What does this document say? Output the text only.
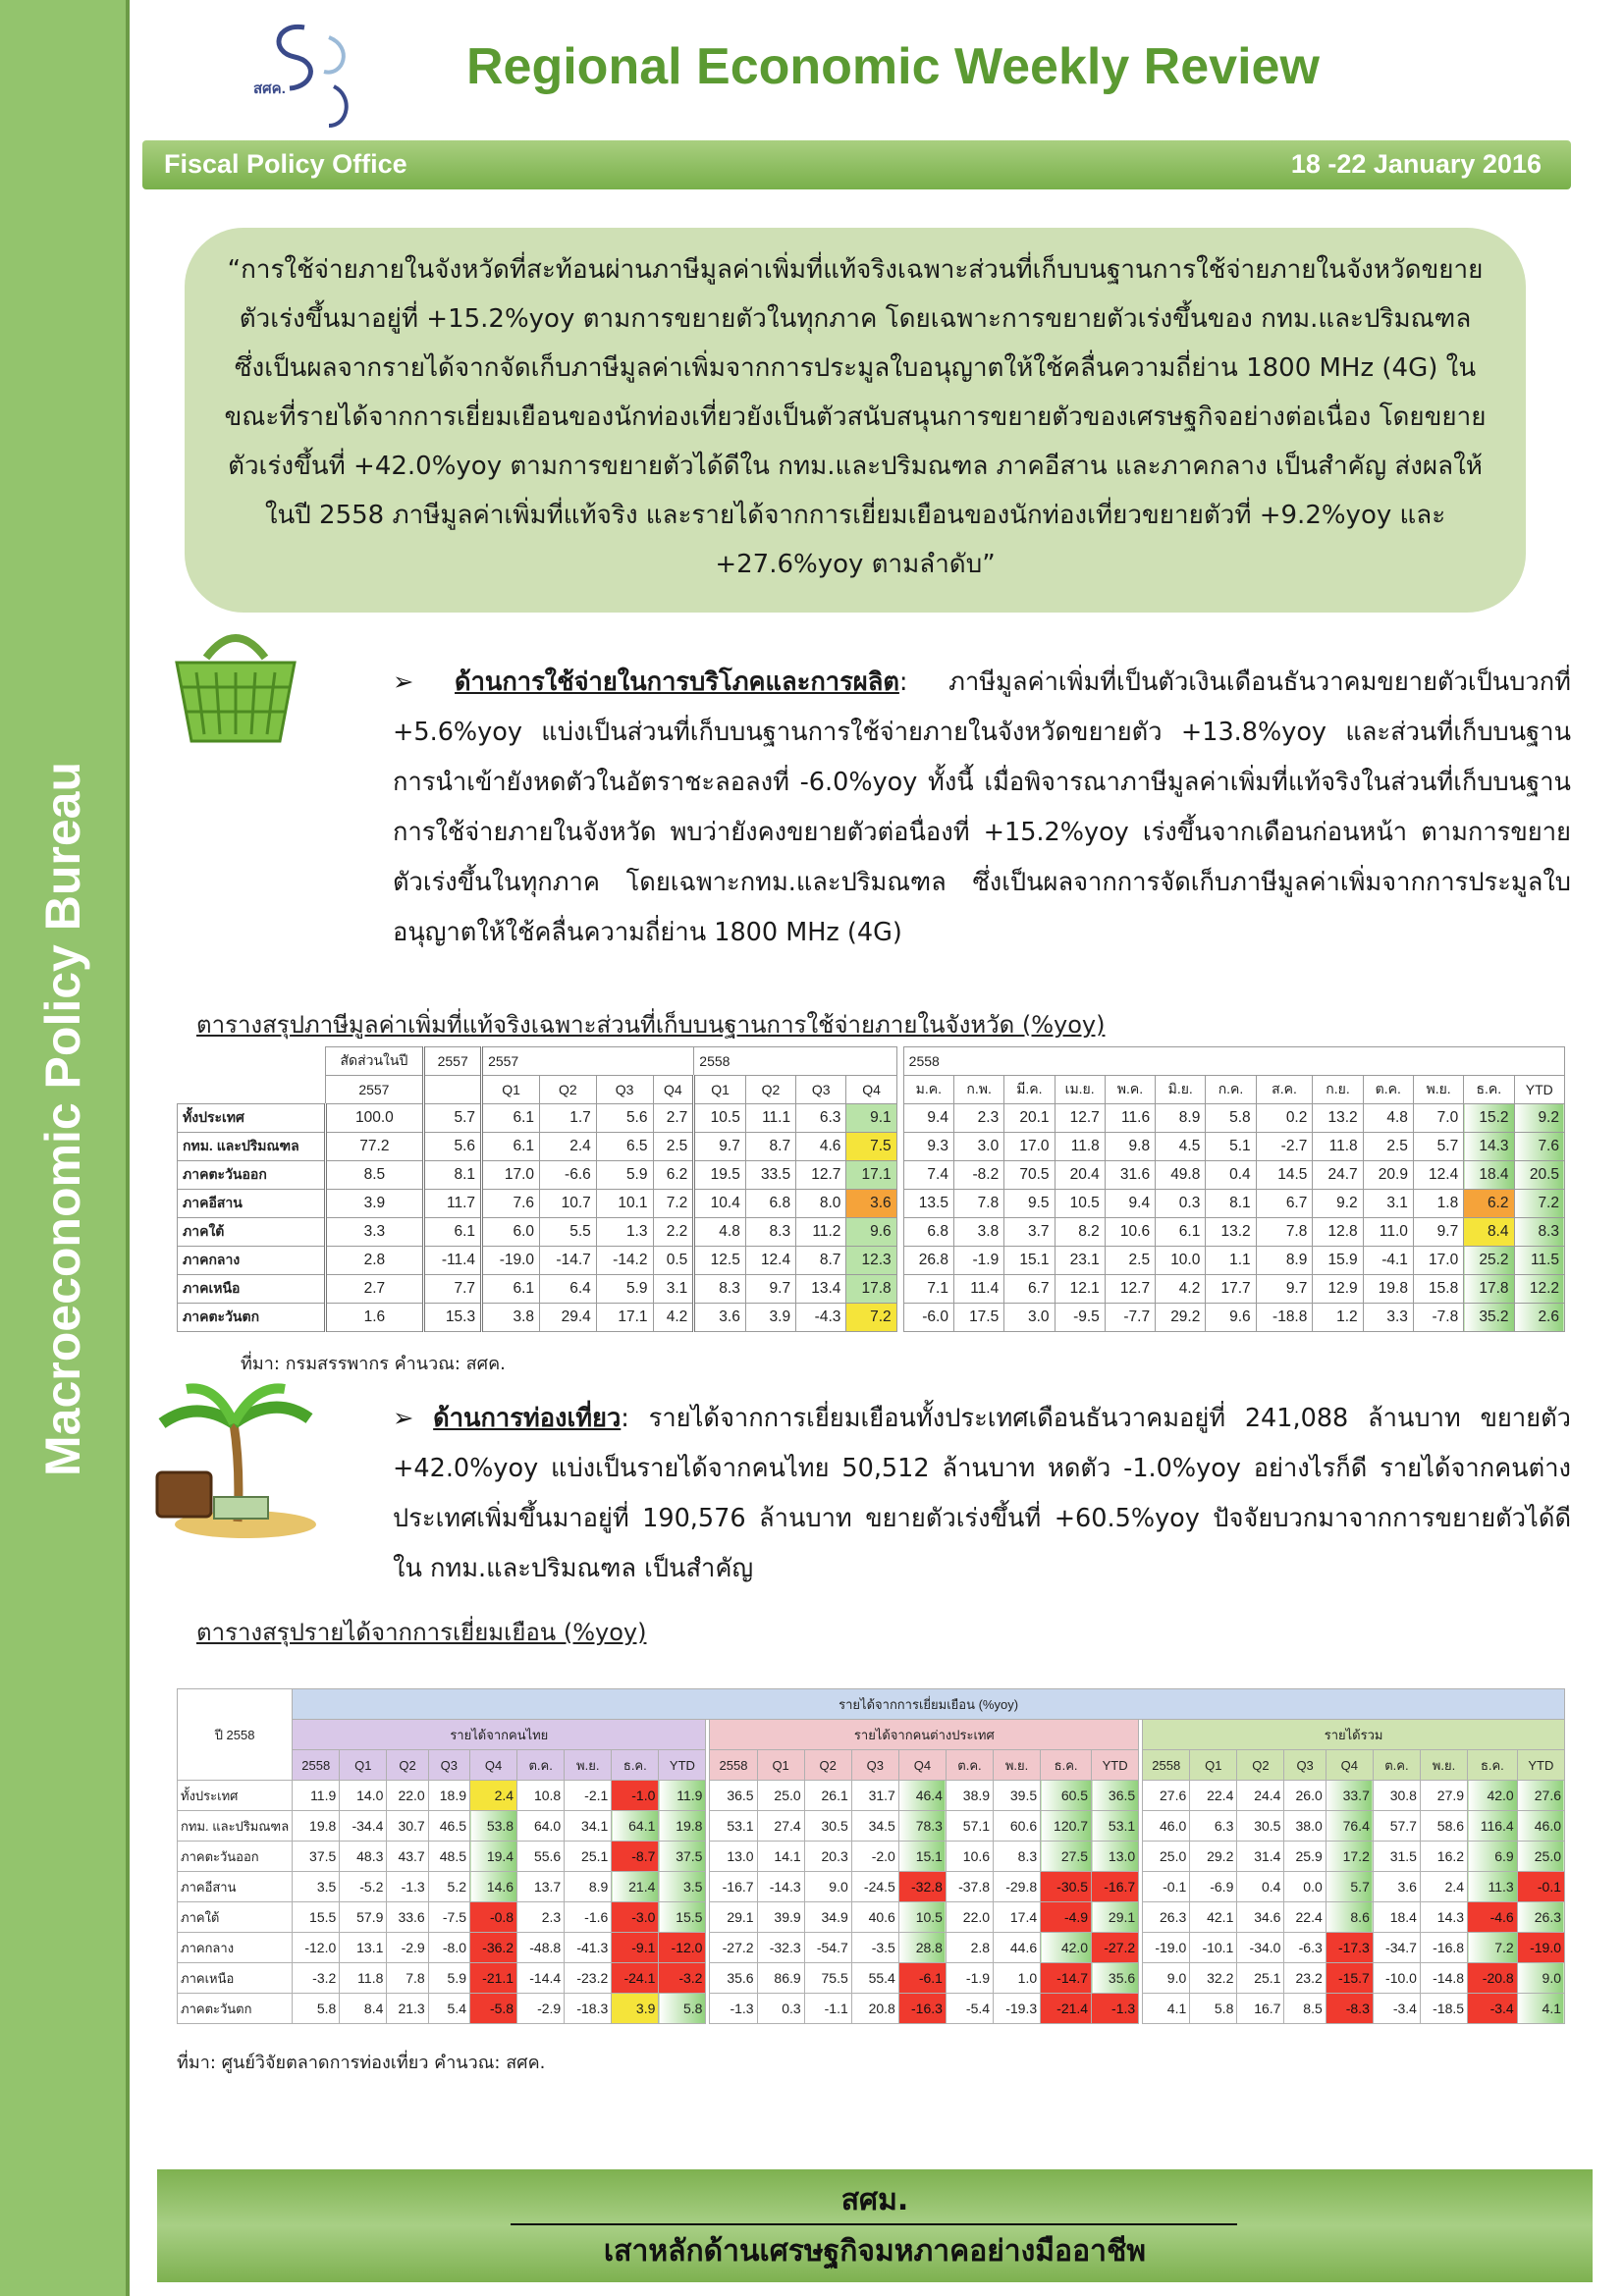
Macroeconomic Policy Bureau
สศค.	Regional Economic Weekly Review
Fiscal Policy Office	18 -22 January 2016
“การใช้จ่ายภายในจังหวัดที่สะท้อนผ่านภาษีมูลค่าเพิ่มที่แท้จริงเฉพาะส่วนที่เก็บบนฐานการใช้จ่ายภายในจังหวัดขยายตัวเร่งขึ้นมาอยู่ที่ +15.2%yoy ตามการขยายตัวในทุกภาค โดยเฉพาะการขยายตัวเร่งขึ้นของ กทม.และปริมณฑล ซึ่งเป็นผลจากรายได้จากจัดเก็บภาษีมูลค่าเพิ่มจากการประมูลใบอนุญาตให้ใช้คลื่นความถี่ย่าน 1800 MHz (4G) ในขณะที่รายได้จากการเยี่ยมเยือนของนักท่องเที่ยวยังเป็นตัวสนับสนุนการขยายตัวของเศรษฐกิจอย่างต่อเนื่อง โดยขยายตัวเร่งขึ้นที่ +42.0%yoy ตามการขยายตัวได้ดีใน กทม.และปริมณฑล ภาคอีสาน และภาคกลาง เป็นสำคัญ ส่งผลให้ในปี 2558 ภาษีมูลค่าเพิ่มที่แท้จริง และรายได้จากการเยี่ยมเยือนของนักท่องเที่ยวขยายตัวที่ +9.2%yoy และ +27.6%yoy ตามลำดับ”
➢ ด้านการใช้จ่ายในการบริโภคและการผลิต: ภาษีมูลค่าเพิ่มที่เป็นตัวเงินเดือนธันวาคมขยายตัวเป็นบวกที่ +5.6%yoy แบ่งเป็นส่วนที่เก็บบนฐานการใช้จ่ายภายในจังหวัดขยายตัว +13.8%yoy และส่วนที่เก็บบนฐานการนำเข้ายังหดตัวในอัตราชะลอลงที่ -6.0%yoy ทั้งนี้ เมื่อพิจารณาภาษีมูลค่าเพิ่มที่แท้จริงในส่วนที่เก็บบนฐานการใช้จ่ายภายในจังหวัด พบว่ายังคงขยายตัวต่อนื่องที่ +15.2%yoy เร่งขึ้นจากเดือนก่อนหน้า ตามการขยายตัวเร่งขึ้นในทุกภาค โดยเฉพาะกทม.และปริมณฑล ซึ่งเป็นผลจากการจัดเก็บภาษีมูลค่าเพิ่มจากการประมูลใบอนุญาตให้ใช้คลื่นความถี่ย่าน 1800 MHz (4G)
ตารางสรุปภาษีมูลค่าเพิ่มที่แท้จริงเฉพาะส่วนที่เก็บบนฐานการใช้จ่ายภายในจังหวัด (%yoy)
	สัดส่วนในปี	2557	2557				2558					2558												
	2557		Q1	Q2	Q3	Q4	Q1	Q2	Q3	Q4		ม.ค.	ก.พ.	มี.ค.	เม.ย.	พ.ค.	มิ.ย.	ก.ค.	ส.ค.	ก.ย.	ต.ค.	พ.ย.	ธ.ค.	YTD
ทั้งประเทศ	100.0	5.7	6.1	1.7	5.6	2.7	10.5	11.1	6.3	9.1		9.4	2.3	20.1	12.7	11.6	8.9	5.8	0.2	13.2	4.8	7.0	15.2	9.2
กทม. และปริมณฑล	77.2	5.6	6.1	2.4	6.5	2.5	9.7	8.7	4.6	7.5		9.3	3.0	17.0	11.8	9.8	4.5	5.1	-2.7	11.8	2.5	5.7	14.3	7.6
ภาคตะวันออก	8.5	8.1	17.0	-6.6	5.9	6.2	19.5	33.5	12.7	17.1		7.4	-8.2	70.5	20.4	31.6	49.8	0.4	14.5	24.7	20.9	12.4	18.4	20.5
ภาคอีสาน	3.9	11.7	7.6	10.7	10.1	7.2	10.4	6.8	8.0	3.6		13.5	7.8	9.5	10.5	9.4	0.3	8.1	6.7	9.2	3.1	1.8	6.2	7.2
ภาคใต้	3.3	6.1	6.0	5.5	1.3	2.2	4.8	8.3	11.2	9.6		6.8	3.8	3.7	8.2	10.6	6.1	13.2	7.8	12.8	11.0	9.7	8.4	8.3
ภาคกลาง	2.8	-11.4	-19.0	-14.7	-14.2	0.5	12.5	12.4	8.7	12.3		26.8	-1.9	15.1	23.1	2.5	10.0	1.1	8.9	15.9	-4.1	17.0	25.2	11.5
ภาคเหนือ	2.7	7.7	6.1	6.4	5.9	3.1	8.3	9.7	13.4	17.8		7.1	11.4	6.7	12.1	12.7	4.2	17.7	9.7	12.9	19.8	15.8	17.8	12.2
ภาคตะวันตก	1.6	15.3	3.8	29.4	17.1	4.2	3.6	3.9	-4.3	7.2		-6.0	17.5	3.0	-9.5	-7.7	29.2	9.6	-18.8	1.2	3.3	-7.8	35.2	2.6
ที่มา: กรมสรรพากร คำนวณ: สศค.
➢ ด้านการท่องเที่ยว: รายได้จากการเยี่ยมเยือนทั้งประเทศเดือนธันวาคมอยู่ที่ 241,088 ล้านบาท ขยายตัว +42.0%yoy แบ่งเป็นรายได้จากคนไทย 50,512 ล้านบาท หดตัว -1.0%yoy อย่างไรก็ดี รายได้จากคนต่างประเทศเพิ่มขึ้นมาอยู่ที่ 190,576 ล้านบาท ขยายตัวเร่งขึ้นที่ +60.5%yoy ปัจจัยบวกมาจากการขยายตัวได้ดีใน กทม.และปริมณฑล เป็นสำคัญ
ตารางสรุปรายได้จากการเยี่ยมเยือน (%yoy)
ปี 2558	รายได้จากการเยี่ยมเยือน (%yoy)																												
	รายได้จากคนไทย										รายได้จากคนต่างประเทศ										รายได้รวม								
	2558	Q1	Q2	Q3	Q4	ต.ค.	พ.ย.	ธ.ค.	YTD		2558	Q1	Q2	Q3	Q4	ต.ค.	พ.ย.	ธ.ค.	YTD		2558	Q1	Q2	Q3	Q4	ต.ค.	พ.ย.	ธ.ค.	YTD
ทั้งประเทศ	11.9	14.0	22.0	18.9	2.4	10.8	-2.1	-1.0	11.9		36.5	25.0	26.1	31.7	46.4	38.9	39.5	60.5	36.5		27.6	22.4	24.4	26.0	33.7	30.8	27.9	42.0	27.6
กทม. และปริมณฑล	19.8	-34.4	30.7	46.5	53.8	64.0	34.1	64.1	19.8		53.1	27.4	30.5	34.5	78.3	57.1	60.6	120.7	53.1		46.0	6.3	30.5	38.0	76.4	57.7	58.6	116.4	46.0
ภาคตะวันออก	37.5	48.3	43.7	48.5	19.4	55.6	25.1	-8.7	37.5		13.0	14.1	20.3	-2.0	15.1	10.6	8.3	27.5	13.0		25.0	29.2	31.4	25.9	17.2	31.5	16.2	6.9	25.0
ภาคอีสาน	3.5	-5.2	-1.3	5.2	14.6	13.7	8.9	21.4	3.5		-16.7	-14.3	9.0	-24.5	-32.8	-37.8	-29.8	-30.5	-16.7		-0.1	-6.9	0.4	0.0	5.7	3.6	2.4	11.3	-0.1
ภาคใต้	15.5	57.9	33.6	-7.5	-0.8	2.3	-1.6	-3.0	15.5		29.1	39.9	34.9	40.6	10.5	22.0	17.4	-4.9	29.1		26.3	42.1	34.6	22.4	8.6	18.4	14.3	-4.6	26.3
ภาคกลาง	-12.0	13.1	-2.9	-8.0	-36.2	-48.8	-41.3	-9.1	-12.0		-27.2	-32.3	-54.7	-3.5	28.8	2.8	44.6	42.0	-27.2		-19.0	-10.1	-34.0	-6.3	-17.3	-34.7	-16.8	7.2	-19.0
ภาคเหนือ	-3.2	11.8	7.8	5.9	-21.1	-14.4	-23.2	-24.1	-3.2		35.6	86.9	75.5	55.4	-6.1	-1.9	1.0	-14.7	35.6		9.0	32.2	25.1	23.2	-15.7	-10.0	-14.8	-20.8	9.0
ภาคตะวันตก	5.8	8.4	21.3	5.4	-5.8	-2.9	-18.3	3.9	5.8		-1.3	0.3	-1.1	20.8	-16.3	-5.4	-19.3	-21.4	-1.3		4.1	5.8	16.7	8.5	-8.3	-3.4	-18.5	-3.4	4.1
ที่มา: ศูนย์วิจัยตลาดการท่องเที่ยว คำนวณ: สศค.
สศม.
เสาหลักด้านเศรษฐกิจมหภาคอย่างมืออาชีพ
